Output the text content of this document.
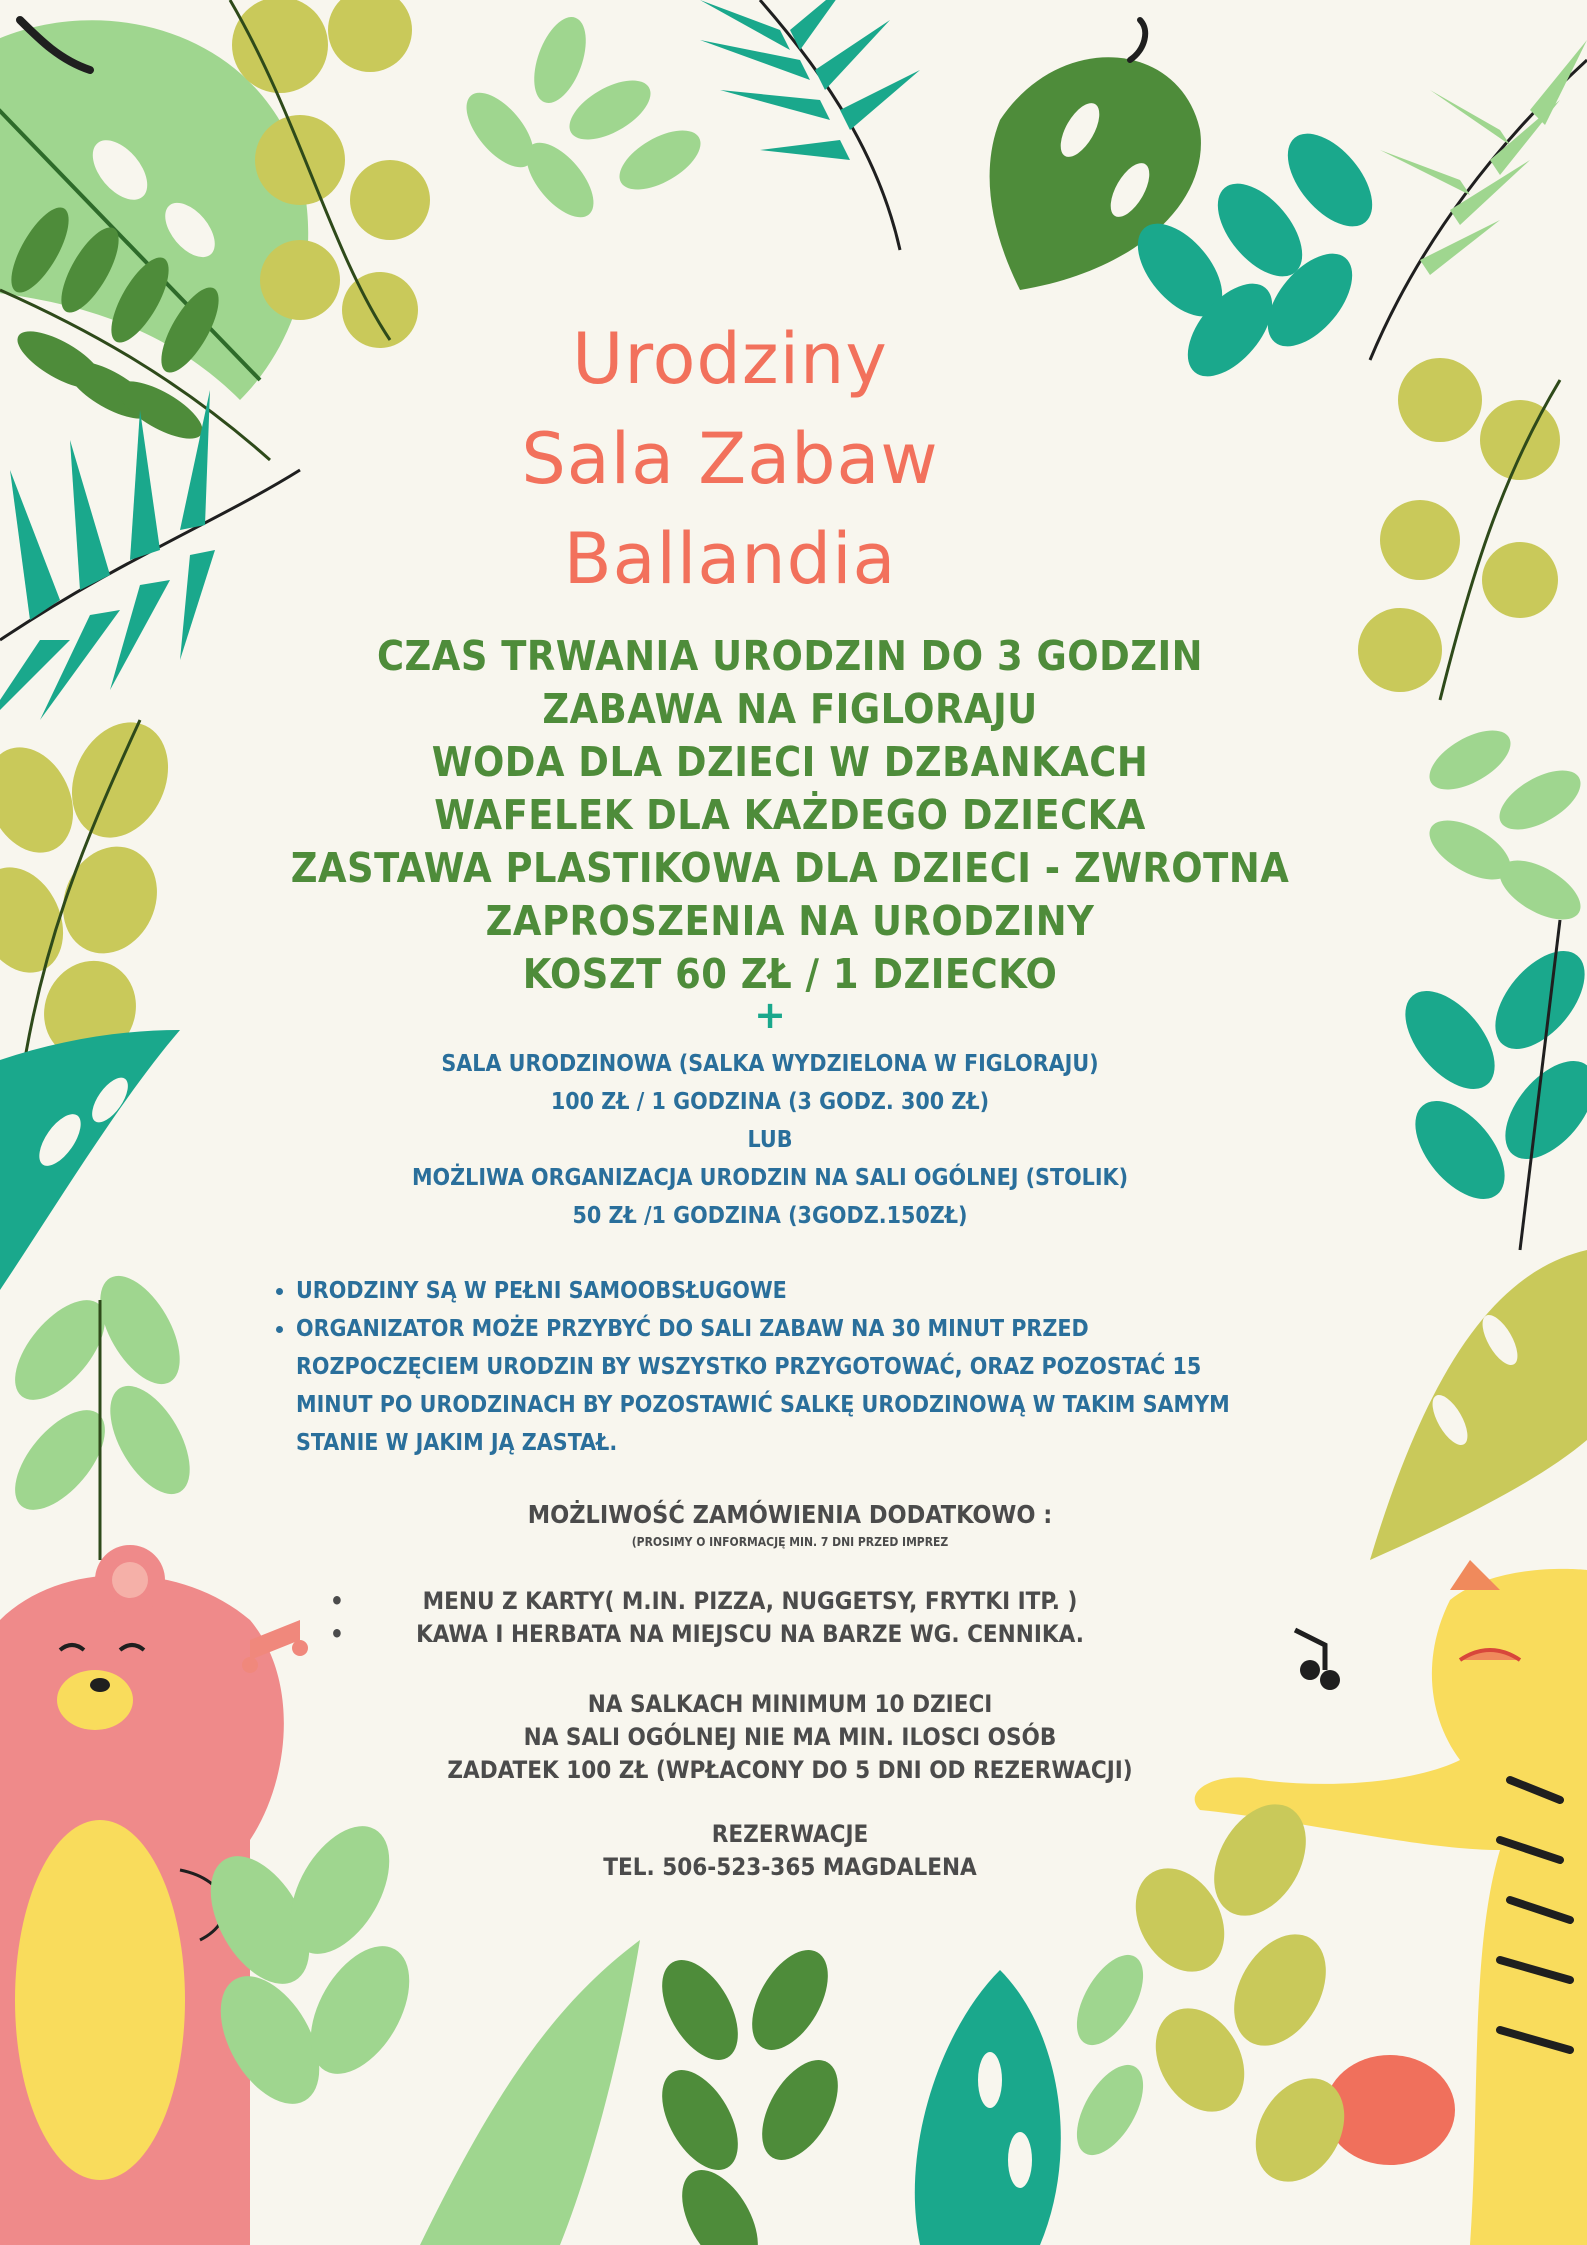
Urodziny
Sala Zabaw
Ballandia
CZAS TRWANIA URODZIN DO 3 GODZIN
ZABAWA NA FIGLORAJU
WODA DLA DZIECI W DZBANKACH
WAFELEK DLA KAŻDEGO DZIECKA
ZASTAWA PLASTIKOWA DLA DZIECI - ZWROTNA
ZAPROSZENIA NA URODZINY
KOSZT 60 ZŁ / 1 DZIECKO
+
SALA URODZINOWA (SALKA WYDZIELONA W FIGLORAJU)
100 ZŁ / 1 GODZINA (3 GODZ. 300 ZŁ)
LUB
MOŻLIWA ORGANIZACJA URODZIN NA SALI OGÓLNEJ (STOLIK)
50 ZŁ /1 GODZINA (3GODZ.150ZŁ)
• URODZINY SĄ W PEŁNI SAMOOBSŁUGOWE
• ORGANIZATOR MOŻE PRZYBYĆ DO SALI ZABAW NA 30 MINUT PRZED ROZPOCZĘCIEM URODZIN BY WSZYSTKO PRZYGOTOWAĆ, ORAZ POZOSTAĆ 15 MINUT PO URODZINACH BY POZOSTAWIĆ SALKĘ URODZINOWĄ W TAKIM SAMYM STANIE W JAKIM JĄ ZASTAŁ.
MOŻLIWOŚĆ ZAMÓWIENIA DODATKOWO :
(PROSIMY O INFORMACJĘ MIN. 7 DNI PRZED IMPREZ
•	MENU Z KARTY( M.IN. PIZZA, NUGGETSY, FRYTKI ITP. )
•	KAWA I HERBATA NA MIEJSCU NA BARZE WG. CENNIKA.
NA SALKACH MINIMUM 10 DZIECI
NA SALI OGÓLNEJ NIE MA MIN. ILOSCI OSÓB
ZADATEK 100 ZŁ (WPŁACONY DO 5 DNI OD REZERWACJI)
REZERWACJE
TEL. 506-523-365 MAGDALENA
